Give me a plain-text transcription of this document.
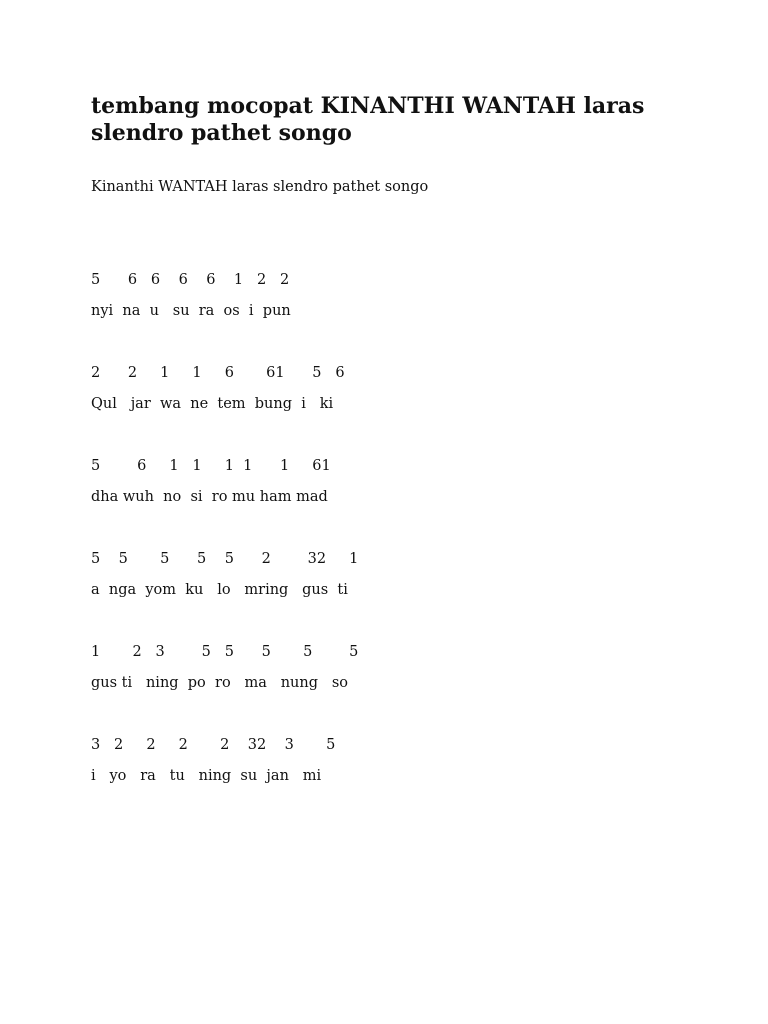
tembang mocopat KINANTHI WANTAH laras slendro pathet songo

Kinanthi WANTAH laras slendro pathet songo

5      6   6    6    6    1   2   2

nyi  na  u   su  ra  os  i  pun

2      2     1     1     6       61      5   6

Qul   jar  wa  ne  tem  bung  i   ki

5        6     1   1     1  1      1     61

dha wuh  no  si  ro mu ham mad

5    5       5      5    5      2        32     1

a  nga  yom  ku   lo   mring   gus  ti

1       2   3        5   5      5       5        5

gus ti   ning  po  ro   ma   nung   so

3   2     2     2       2    32    3       5

i   yo   ra   tu   ning  su  jan   mi
